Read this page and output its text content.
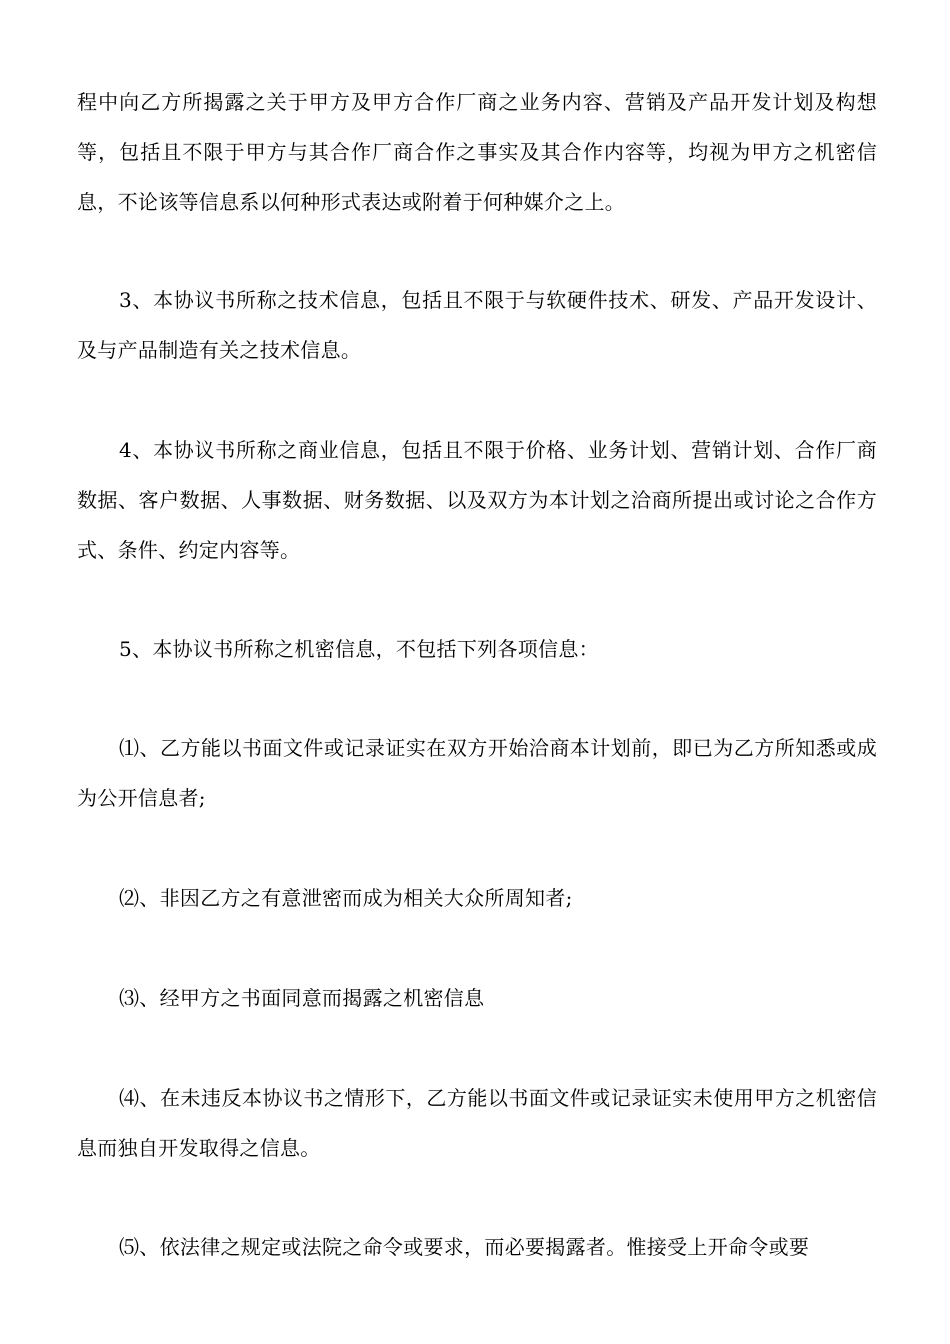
程中向乙方所揭露之关于甲方及甲方合作厂商之业务内容、营销及产品开发计划及构想等，包括且不限于甲方与其合作厂商合作之事实及其合作内容等，均视为甲方之机密信息，不论该等信息系以何种形式表达或附着于何种媒介之上。

3、本协议书所称之技术信息，包括且不限于与软硬件技术、研发、产品开发设计、及与产品制造有关之技术信息。

4、本协议书所称之商业信息，包括且不限于价格、业务计划、营销计划、合作厂商数据、客户数据、人事数据、财务数据、以及双方为本计划之洽商所提出或讨论之合作方式、条件、约定内容等。

5、本协议书所称之机密信息，不包括下列各项信息：

⑴、乙方能以书面文件或记录证实在双方开始洽商本计划前，即已为乙方所知悉或成为公开信息者;

⑵、非因乙方之有意泄密而成为相关大众所周知者;

⑶、经甲方之书面同意而揭露之机密信息

⑷、在未违反本协议书之情形下，乙方能以书面文件或记录证实未使用甲方之机密信息而独自开发取得之信息。

⑸、依法律之规定或法院之命令或要求，而必要揭露者。惟接受上开命令或要
